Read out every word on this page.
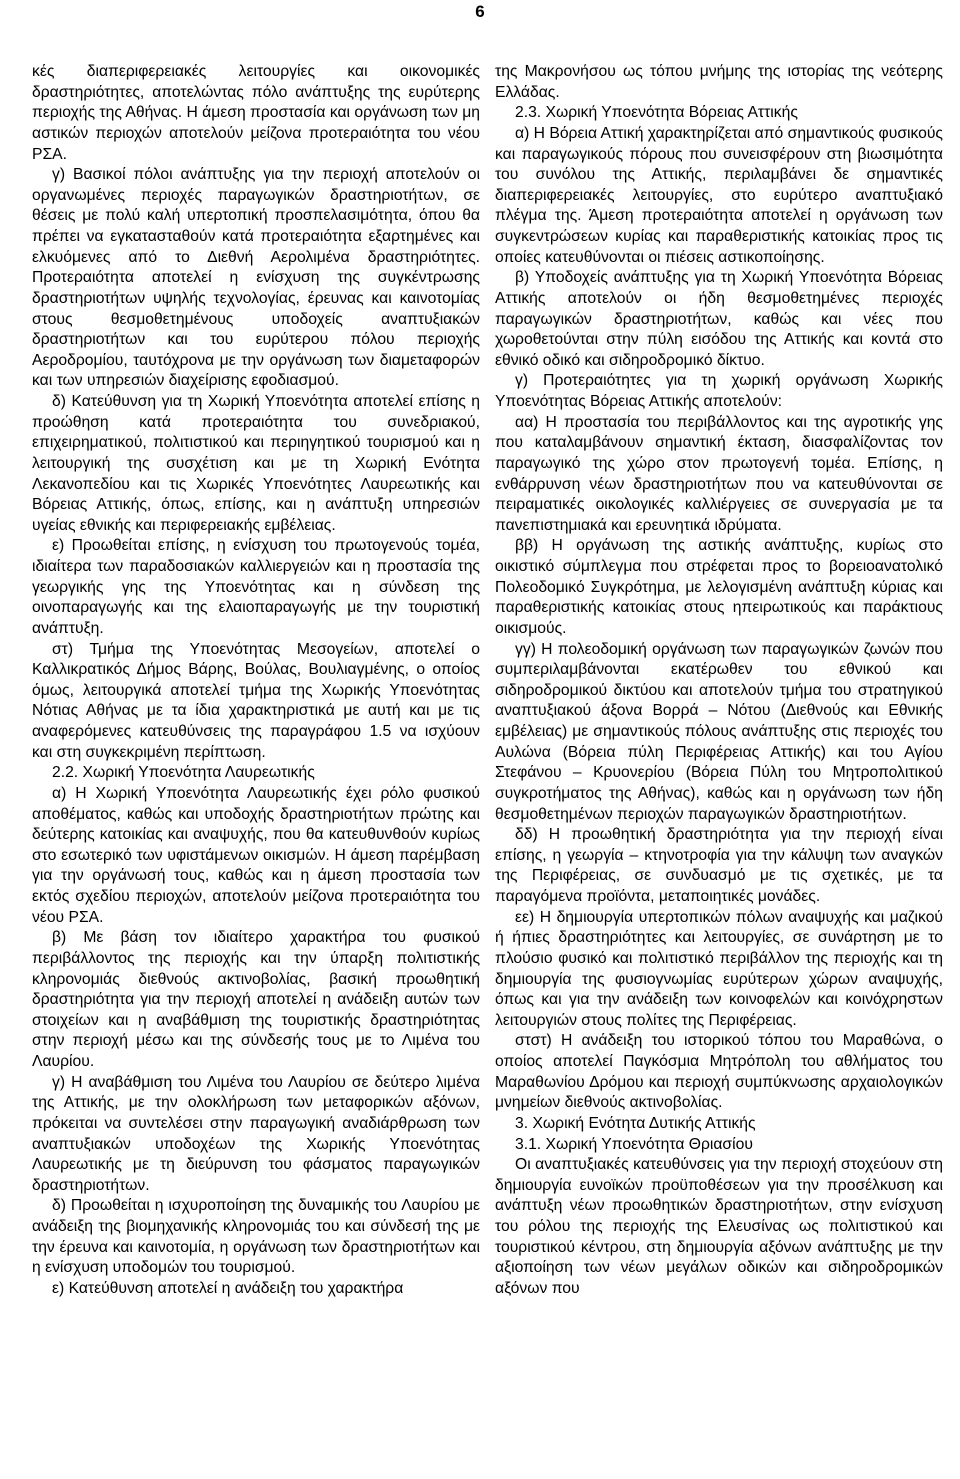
6

κές διαπεριφερειακές λειτουργίες και οικονομικές δραστηριότητες, αποτελώντας πόλο ανάπτυξης της ευρύτερης περιοχής της Αθήνας. Η άμεση προστασία και οργάνωση των μη αστικών περιοχών αποτελούν μείζονα προτεραιότητα του νέου ΡΣΑ.

γ) Βασικοί πόλοι ανάπτυξης για την περιοχή αποτελούν οι οργανωμένες περιοχές παραγωγικών δραστηριοτήτων, σε θέσεις με πολύ καλή υπερτοπική προσπελασιμότητα, όπου θα πρέπει να εγκατασταθούν κατά προτεραιότητα εξαρτημένες και ελκυόμενες από το Διεθνή Αερολιμένα δραστηριότητες. Προτεραιότητα αποτελεί η ενίσχυση της συγκέντρωσης δραστηριοτήτων υψηλής τεχνολογίας, έρευνας και καινοτομίας στους θεσμοθετημένους υποδοχείς αναπτυξιακών δραστηριοτήτων και του ευρύτερου πόλου περιοχής Αεροδρομίου, ταυτόχρονα με την οργάνωση των διαμεταφορών και των υπηρεσιών διαχείρισης εφοδιασμού.

δ) Κατεύθυνση για τη Χωρική Υποενότητα αποτελεί επίσης η προώθηση κατά προτεραιότητα του συνεδριακού, επιχειρηματικού, πολιτιστικού και περιηγητικού τουρισμού και η λειτουργική της συσχέτιση και με τη Χωρική Ενότητα Λεκανοπεδίου και τις Χωρικές Υποενότητες Λαυρεωτικής και Βόρειας Αττικής, όπως, επίσης, και η ανάπτυξη υπηρεσιών υγείας εθνικής και περιφερειακής εμβέλειας.

ε) Προωθείται επίσης, η ενίσχυση του πρωτογενούς τομέα, ιδιαίτερα των παραδοσιακών καλλιεργειών και η προστασία της γεωργικής γης της Υποενότητας και η σύνδεση της οινοπαραγωγής και της ελαιοπαραγωγής με την τουριστική ανάπτυξη.

στ) Τμήμα της Υποενότητας Μεσογείων, αποτελεί ο Καλλικρατικός Δήμος Βάρης, Βούλας, Βουλιαγμένης, ο οποίος όμως, λειτουργικά αποτελεί τμήμα της Χωρικής Υποενότητας Νότιας Αθήνας με τα ίδια χαρακτηριστικά με αυτή και με τις αναφερόμενες κατευθύνσεις της παραγράφου 1.5 να ισχύουν και στη συγκεκριμένη περίπτωση.

2.2. Χωρική Υποενότητα Λαυρεωτικής

α) Η Χωρική Υποενότητα Λαυρεωτικής έχει ρόλο φυσικού αποθέματος, καθώς και υποδοχής δραστηριοτήτων πρώτης και δεύτερης κατοικίας και αναψυχής, που θα κατευθυνθούν κυρίως στο εσωτερικό των υφιστάμενων οικισμών. Η άμεση παρέμβαση για την οργάνωσή τους, καθώς και η άμεση προστασία των εκτός σχεδίου περιοχών, αποτελούν μείζονα προτεραιότητα του νέου ΡΣΑ.

β) Με βάση τον ιδιαίτερο χαρακτήρα του φυσικού περιβάλλοντος της περιοχής και την ύπαρξη πολιτιστικής κληρονομιάς διεθνούς ακτινοβολίας, βασική προωθητική δραστηριότητα για την περιοχή αποτελεί η ανάδειξη αυτών των στοιχείων και η αναβάθμιση της τουριστικής δραστηριότητας στην περιοχή μέσω και της σύνδεσής τους με το Λιμένα του Λαυρίου.

γ) Η αναβάθμιση του Λιμένα του Λαυρίου σε δεύτερο λιμένα της Αττικής, με την ολοκλήρωση των μεταφορικών αξόνων, πρόκειται να συντελέσει στην παραγωγική αναδιάρθρωση των αναπτυξιακών υποδοχέων της Χωρικής Υποενότητας Λαυρεωτικής με τη διεύρυνση του φάσματος παραγωγικών δραστηριοτήτων.

δ) Προωθείται η ισχυροποίηση της δυναμικής του Λαυρίου με ανάδειξη της βιομηχανικής κληρονομιάς του και σύνδεσή της με την έρευνα και καινοτομία, η οργάνωση των δραστηριοτήτων και η ενίσχυση υποδομών του τουρισμού.

ε) Κατεύθυνση αποτελεί η ανάδειξη του χαρακτήρα

της Μακρονήσου ως τόπου μνήμης της ιστορίας της νεότερης Ελλάδας.

2.3. Χωρική Υποενότητα Βόρειας Αττικής

α) Η Βόρεια Αττική χαρακτηρίζεται από σημαντικούς φυσικούς και παραγωγικούς πόρους που συνεισφέρουν στη βιωσιμότητα του συνόλου της Αττικής, περιλαμβάνει δε σημαντικές διαπεριφερειακές λειτουργίες, στο ευρύτερο αναπτυξιακό πλέγμα της. Άμεση προτεραιότητα αποτελεί η οργάνωση των συγκεντρώσεων κυρίας και παραθεριστικής κατοικίας προς τις οποίες κατευθύνονται οι πιέσεις αστικοποίησης.

β) Υποδοχείς ανάπτυξης για τη Χωρική Υποενότητα Βόρειας Αττικής αποτελούν οι ήδη θεσμοθετημένες περιοχές παραγωγικών δραστηριοτήτων, καθώς και νέες που χωροθετούνται στην πύλη εισόδου της Αττικής και κοντά στο εθνικό οδικό και σιδηροδρομικό δίκτυο.

γ) Προτεραιότητες για τη χωρική οργάνωση Χωρικής Υποενότητας Βόρειας Αττικής αποτελούν:

αα) Η προστασία του περιβάλλοντος και της αγροτικής γης που καταλαμβάνουν σημαντική έκταση, διασφαλίζοντας τον παραγωγικό της χώρο στον πρωτογενή τομέα. Επίσης, η ενθάρρυνση νέων δραστηριοτήτων που να κατευθύνονται σε πειραματικές οικολογικές καλλιέργειες σε συνεργασία με τα πανεπιστημιακά και ερευνητικά ιδρύματα.

ββ) Η οργάνωση της αστικής ανάπτυξης, κυρίως στο οικιστικό σύμπλεγμα που στρέφεται προς το βορειοανατολικό Πολεοδομικό Συγκρότημα, με λελογισμένη ανάπτυξη κύριας και παραθεριστικής κατοικίας στους ηπειρωτικούς και παράκτιους οικισμούς.

γγ) Η πολεοδομική οργάνωση των παραγωγικών ζωνών που συμπεριλαμβάνονται εκατέρωθεν του εθνικού και σιδηροδρομικού δικτύου και αποτελούν τμήμα του στρατηγικού αναπτυξιακού άξονα Βορρά – Νότου (Διεθνούς και Εθνικής εμβέλειας) με σημαντικούς πόλους ανάπτυξης στις περιοχές του Αυλώνα (Βόρεια πύλη Περιφέρειας Αττικής) και του Αγίου Στεφάνου – Κρυονερίου (Βόρεια Πύλη του Μητροπολιτικού συγκροτήματος της Αθήνας), καθώς και η οργάνωση των ήδη θεσμοθετημένων περιοχών παραγωγικών δραστηριοτήτων.

δδ) Η προωθητική δραστηριότητα για την περιοχή είναι επίσης, η γεωργία – κτηνοτροφία για την κάλυψη των αναγκών της Περιφέρειας, σε συνδυασμό με τις σχετικές, με τα παραγόμενα προϊόντα, μεταποιητικές μονάδες.

εε) Η δημιουργία υπερτοπικών πόλων αναψυχής και μαζικού ή ήπιες δραστηριότητες και λειτουργίες, σε συνάρτηση με το πλούσιο φυσικό και πολιτιστικό περιβάλλον της περιοχής και τη δημιουργία της φυσιογνωμίας ευρύτερων χώρων αναψυχής, όπως και για την ανάδειξη των κοινοφελών και κοινόχρηστων λειτουργιών στους πολίτες της Περιφέρειας.

στστ) Η ανάδειξη του ιστορικού τόπου του Μαραθώνα, ο οποίος αποτελεί Παγκόσμια Μητρόπολη του αθλήματος του Μαραθωνίου Δρόμου και περιοχή συμπύκνωσης αρχαιολογικών μνημείων διεθνούς ακτινοβολίας.

3. Χωρική Ενότητα Δυτικής Αττικής

3.1. Χωρική Υποενότητα Θριασίου

Οι αναπτυξιακές κατευθύνσεις για την περιοχή στοχεύουν στη δημιουργία ευνοϊκών προϋποθέσεων για την προσέλκυση και ανάπτυξη νέων προωθητικών δραστηριοτήτων, στην ενίσχυση του ρόλου της περιοχής της Ελευσίνας ως πολιτιστικού και τουριστικού κέντρου, στη δημιουργία αξόνων ανάπτυξης με την αξιοποίηση των νέων μεγάλων οδικών και σιδηροδρομικών αξόνων που
